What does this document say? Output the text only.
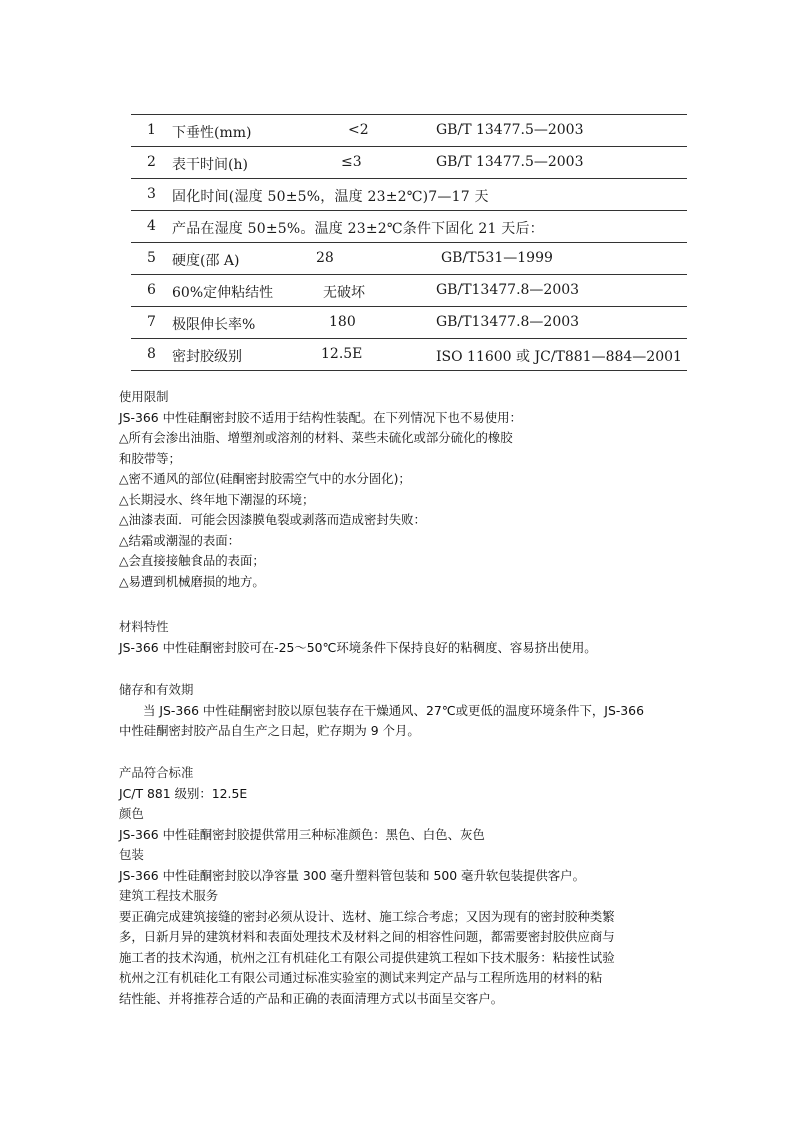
1 下垂性(mm)	<2	GB/T 13477.5—2003
2 表干时间(h)	≤3	GB/T 13477.5—2003
3 固化时间(湿度 50±5%，温度 23±2℃)7—17 天
4 产品在湿度 50±5%。温度 23±2℃条件下固化 21 天后：
5 硬度(邵 A)	28	GB/T531—1999
6 60%定伸粘结性	无破坏	GB/T13477.8—2003
7 极限伸长率%	180	GB/T13477.8—2003
8 密封胶级别	12.5E	ISO 11600 或 JC/T881—884—2001

使用限制

JS-366 中性硅酮密封胶不适用于结构性装配。在下列情况下也不易使用：

△所有会渗出油脂、增塑剂或溶剂的材料、菜些未硫化或部分硫化的橡胶

和胶带等；

△密不通风的部位(硅酮密封胶需空气中的水分固化)；

△长期浸水、终年地下潮湿的环境；

△油漆表面．可能会因漆膜龟裂或剥落而造成密封失败：

△结霜或潮湿的表面：

△会直接接触食品的表面；

△易遭到机械磨损的地方。

材料特性

JS-366 中性硅酮密封胶可在-25～50℃环境条件下保持良好的粘稠度、容易挤出使用。

储存和有效期

当 JS-366 中性硅酮密封胶以原包装存在干燥通风、27℃或更低的温度环境条件下，JS-366

中性硅酮密封胶产品自生产之日起，贮存期为 9 个月。

产品符合标准

JC/T 881 级别：12.5E

颜色

JS-366 中性硅酮密封胶提供常用三种标准颜色：黑色、白色、灰色

包装

JS-366 中性硅酮密封胶以净容量 300 毫升塑料管包装和 500 毫升软包装提供客户。

建筑工程技术服务

要正确完成建筑接缝的密封必须从设计、选材、施工综合考虑；又因为现有的密封胶种类繁

多，日新月异的建筑材料和表面处理技术及材料之间的相容性问题，都需要密封胶供应商与

施工者的技术沟通，杭州之江有机硅化工有限公司提供建筑工程如下技术服务：粘接性试验

杭州之江有机硅化工有限公司通过标准实验室的测试来判定产品与工程所选用的材料的粘

结性能、并将推荐合适的产品和正确的表面清理方式以书面呈交客户。
